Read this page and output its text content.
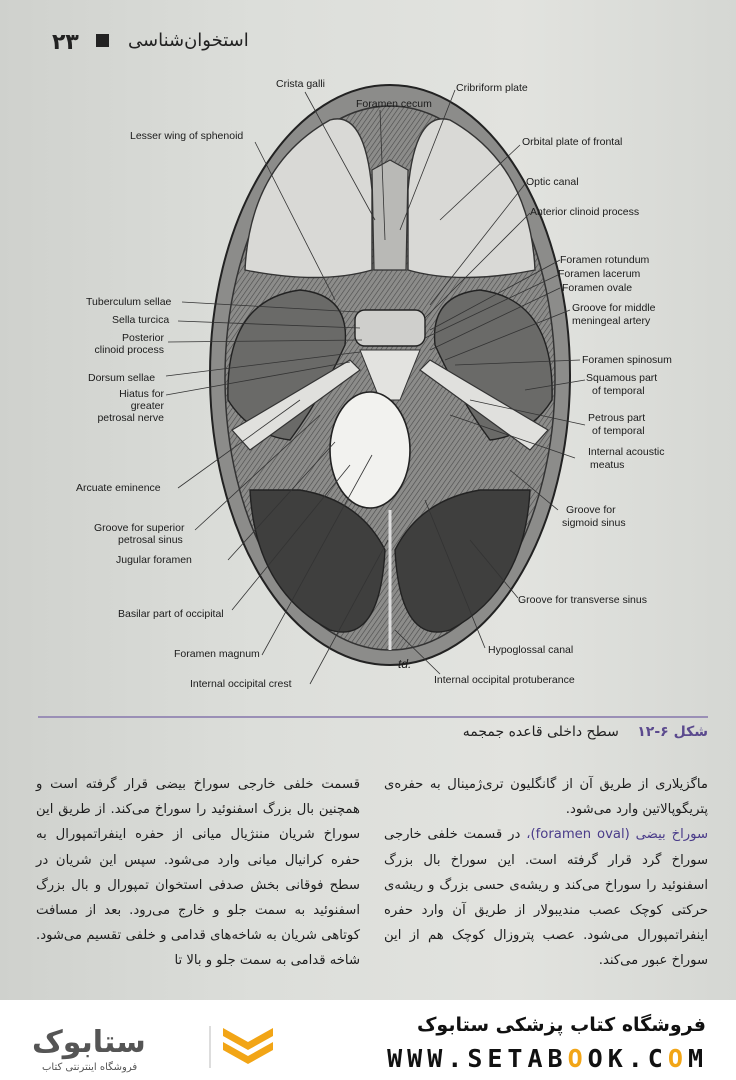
۲۳	استخوان‌شناسی
Crista galli
Foramen cecum
Cribriform plate
Lesser wing of sphenoid
Tuberculum sellae
Sella turcica
Posterior
clinoid process
Dorsum sellae
Hiatus for
greater
petrosal nerve
Arcuate eminence
Groove for superior
petrosal sinus
Jugular foramen
Basilar part of occipital
Foramen magnum
Internal occipital crest
Orbital plate of frontal
Optic canal
Anterior clinoid process
Foramen rotundum
Foramen lacerum
Foramen ovale
Groove for middle
meningeal artery
Foramen spinosum
Squamous part
of temporal
Petrous part
of temporal
Internal acoustic
meatus
Groove for
sigmoid sinus
Groove for transverse sinus
Hypoglossal canal
Internal occipital protuberance
td.
شکل ۶-۱۲ سطح داخلی قاعده جمجمه

ماگزیلاری از طریق آن از گانگلیون تری‌ژمینال به حفره‌ی پتریگوپالاتین وارد می‌شود.

سوراخ بیضی (foramen oval)، در قسمت خلفی خارجی سوراخ گرد قرار گرفته است. این سوراخ بال بزرگ اسفنوئید را سوراخ می‌کند و ریشه‌ی حسی بزرگ و ریشه‌ی حرکتی کوچک عصب مندیبولار از طریق آن وارد حفره اینفراتمپورال می‌شود. عصب پتروزال کوچک هم از این سوراخ عبور می‌کند.

قسمت خلفی خارجی سوراخ بیضی قرار گرفته است و همچنین بال بزرگ اسفنوئید را سوراخ می‌کند. از طریق این سوراخ شریان مننژیال میانی از حفره اینفراتمپورال به حفره کرانیال میانی وارد می‌شود. سپس این شریان در سطح فوقانی بخش صدفی استخوان تمپورال و بال بزرگ اسفنوئید به سمت جلو و خارج می‌رود. بعد از مسافت کوتاهی شریان به شاخه‌های قدامی و خلفی تقسیم می‌شود. شاخه قدامی به سمت جلو و بالا تا

ستابوک
فروشگاه اینترنتی کتاب
فروشگاه کتاب پزشکی ستابوک
WWW.SETABOOK.COM
